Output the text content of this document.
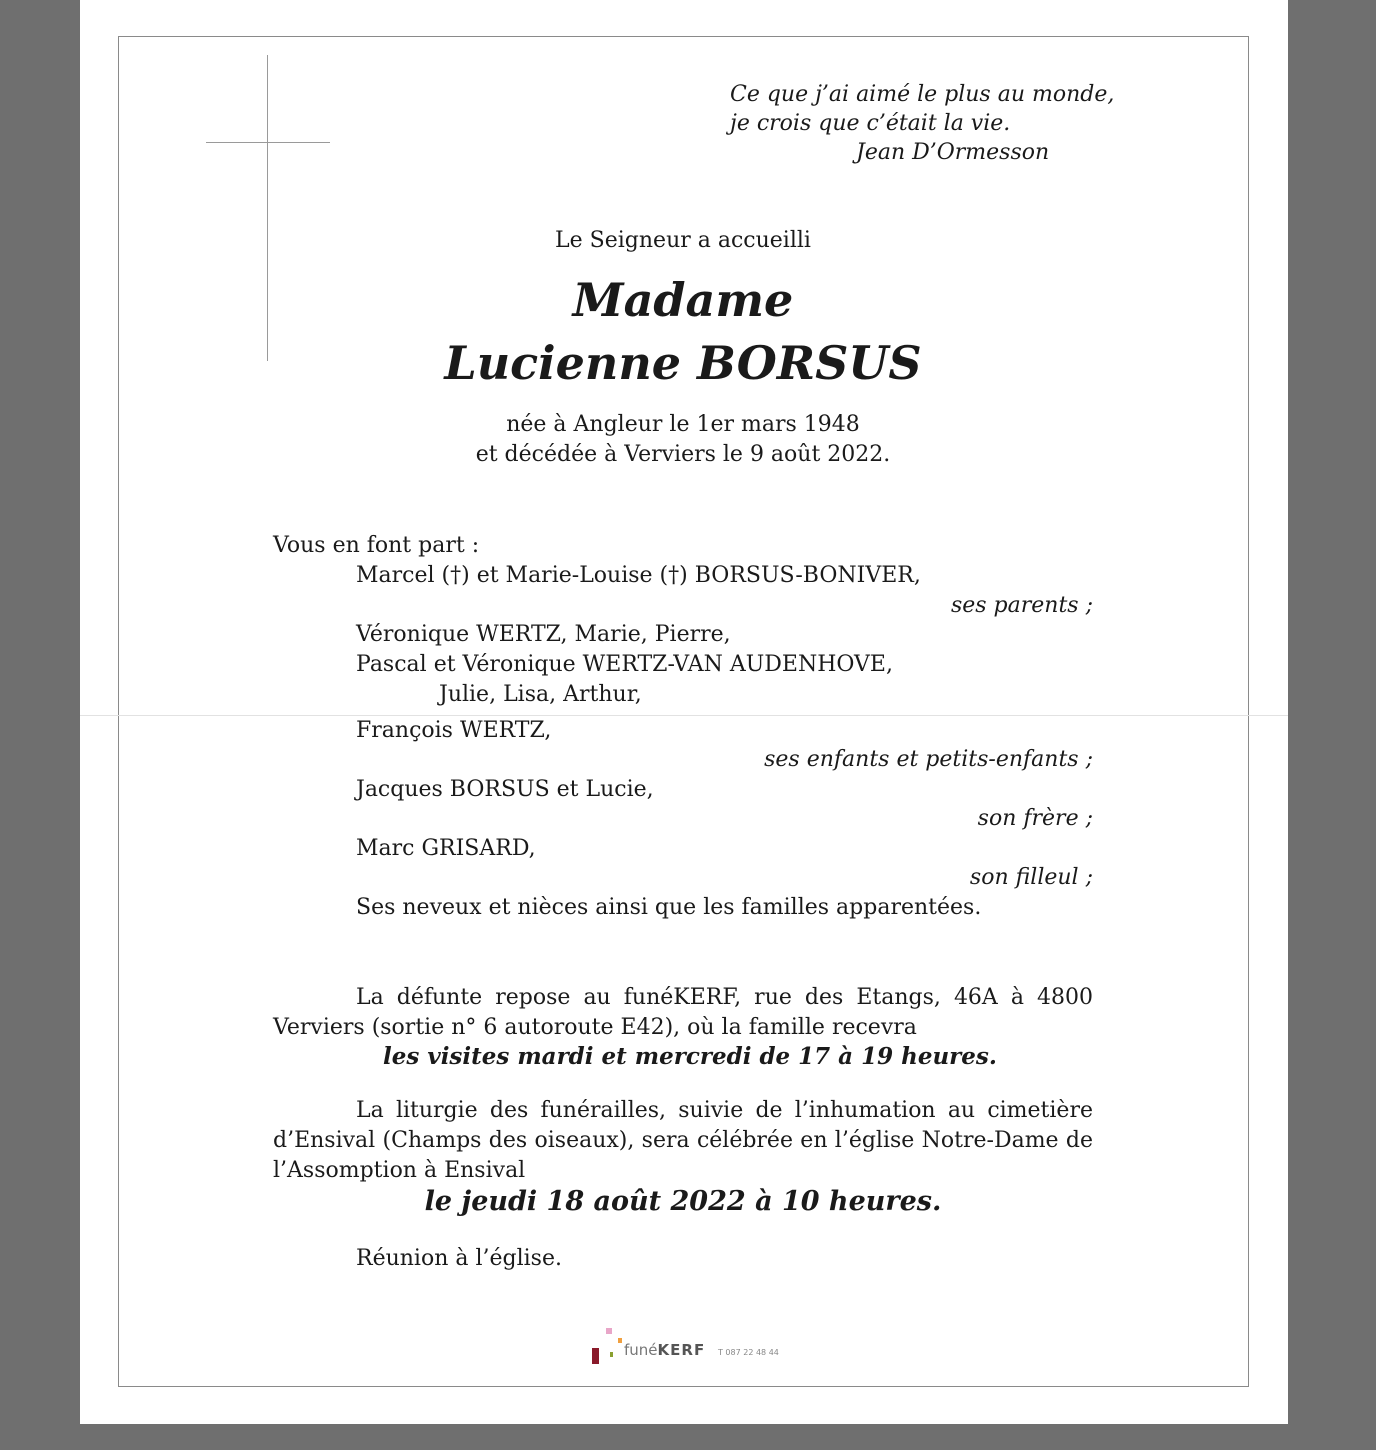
Ce que j’ai aimé le plus au monde,
je crois que c’était la vie.
Jean D’Ormesson
Le Seigneur a accueilli
Madame
Lucienne BORSUS
née à Angleur le 1er mars 1948
et décédée à Verviers le 9 août 2022.
Vous en font part :
Marcel (†) et Marie-Louise (†) BORSUS-BONIVER,
ses parents ;
Véronique WERTZ, Marie, Pierre,
Pascal et Véronique WERTZ-VAN AUDENHOVE,
Julie, Lisa, Arthur,
François WERTZ,
ses enfants et petits-enfants ;
Jacques BORSUS et Lucie,
son frère ;
Marc GRISARD,
son filleul ;
Ses neveux et nièces ainsi que les familles apparentées.
La défunte repose au funéKERF, rue des Etangs, 46A à 4800
Verviers (sortie n° 6 autoroute E42), où la famille recevra
les visites mardi et mercredi de 17 à 19 heures.
La liturgie des funérailles, suivie de l’inhumation au cimetière
d’Ensival (Champs des oiseaux), sera célébrée en l’église Notre-Dame de
l’Assomption à Ensival
le jeudi 18 août 2022 à 10 heures.
Réunion à l’église.
funéKERF T 087 22 48 44
